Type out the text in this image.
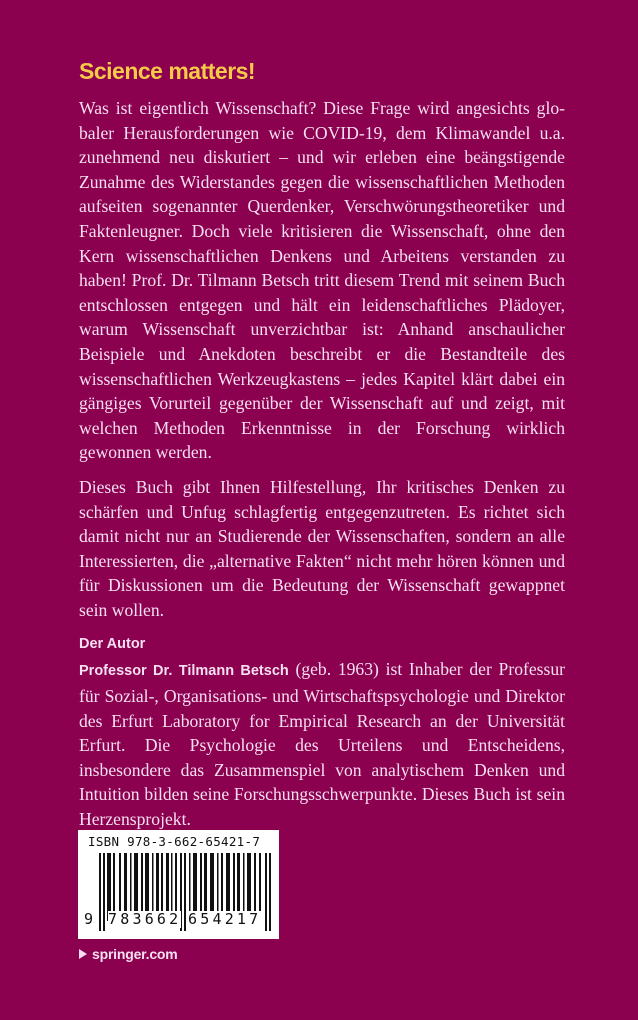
Science matters!

Was ist eigentlich Wissenschaft? Diese Frage wird angesichts globaler Herausforderungen wie COVID-19, dem Klimawandel u.a. zunehmend neu diskutiert – und wir erleben eine beängstigende Zunahme des Widerstandes gegen die wissenschaftlichen Methoden aufseiten sogenannter Querdenker, Verschwörungstheoretiker und Faktenleugner. Doch viele kritisieren die Wissenschaft, ohne den Kern wissenschaftlichen Denkens und Arbeitens verstanden zu haben! Prof. Dr. Tilmann Betsch tritt diesem Trend mit seinem Buch entschlossen entgegen und hält ein leidenschaftliches Plädoyer, warum Wissenschaft unverzichtbar ist: Anhand anschaulicher Beispiele und Anekdoten beschreibt er die Bestandteile des wissenschaftlichen Werkzeugkastens – jedes Kapitel klärt dabei ein gängiges Vorurteil gegenüber der Wissenschaft auf und zeigt, mit welchen Methoden Erkenntnisse in der Forschung wirklich gewonnen werden.

Dieses Buch gibt Ihnen Hilfestellung, Ihr kritisches Denken zu schärfen und Unfug schlagfertig entgegenzutreten. Es richtet sich damit nicht nur an Studierende der Wissenschaften, sondern an alle Interessierten, die „alternative Fakten“ nicht mehr hören können und für Diskussionen um die Bedeutung der Wissenschaft gewappnet sein wollen.

Der Autor

Professor Dr. Tilmann Betsch (geb. 1963) ist Inhaber der Professur für Sozial-, Organisations- und Wirtschaftspsychologie und Direktor des Erfurt Laboratory for Empirical Research an der Universität Erfurt. Die Psychologie des Urteilens und Entscheidens, insbesondere das Zusammenspiel von analytischem Denken und Intuition bilden seine Forschungsschwerpunkte. Dieses Buch ist sein Herzensprojekt.

ISBN 978-3-662-65421-7
9 783662 654217
springer.com
